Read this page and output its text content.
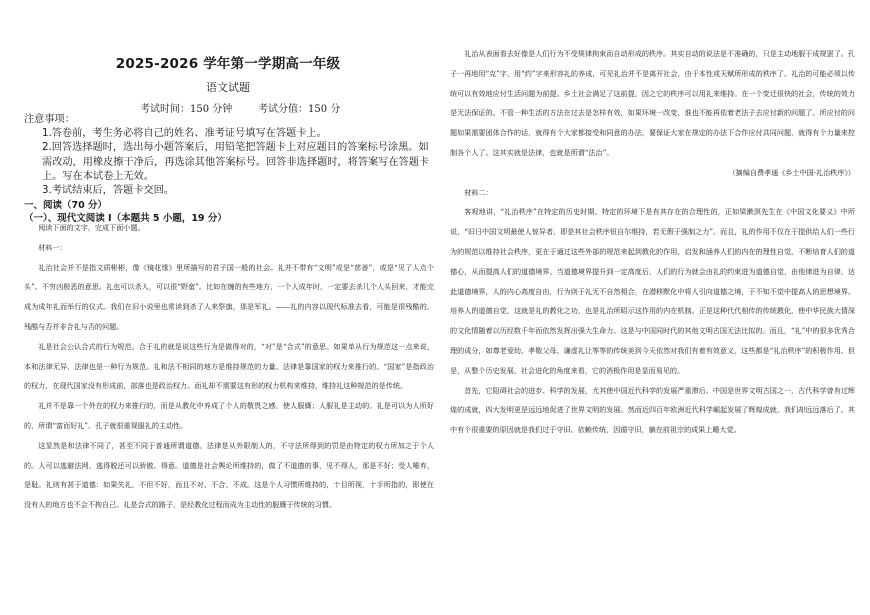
2025-2026 学年第一学期高一年级
语文试题
考试时间：150 分钟	考试分值：150 分

注意事项：

1.答卷前，考生务必将自己的姓名、准考证号填写在答题卡上。

2.回答选择题时，选出每小题答案后，用铅笔把答题卡上对应题目的答案标号涂黑。如需改动，用橡皮擦干净后，再选涂其他答案标号。回答非选择题时，将答案写在答题卡上。写在本试卷上无效。

3.考试结束后，答题卡交回。

一、阅读（70 分）
（一）、现代文阅读 I（本题共 5 小题，19 分）

阅读下面的文字，完成下面小题。

材料一：

礼治社会并不是指文质彬彬，像《镜花缘》里所描写的君子国一般的社会。礼并不带有“文明”或是“慈善”，或是“见了人点个头”、不穷凶极恶的意思。礼也可以杀人，可以很“野蛮”。比如在缠的有些地方，一个人成年时，一定要去杀几个人头回来，才能完成为成年礼而举行的仪式。我们在旧小说里也常读到杀了人来祭旗，那是军礼。——礼的内容以现代标准去看，可能是很残酷的。残酷与否并非合礼与否的问题。

礼是社会公认合式的行为规范。合于礼的就是说这些行为是做得对的，“对”是“合式”的意思。如果单从行为规范这一点来说，本和法律无异，法律也是一种行为规范。礼和法不相同的地方是维持规范的力量。法律是靠国家的权力来推行的。“国家”是指政治的权力，在现代国家没有形成前，部落也是政治权力。而礼却不需要这有形的权力机构来维持，维持礼这种规范的是传统。

礼并不是靠一个外在的权力来推行的，而是从教化中养成了个人的敬畏之感，使人服膺；人服礼是主动的。礼是可以为人所好的，所谓“富而好礼”。孔子就很重视服礼的主动性。

这显然是和法律不同了，甚至不同于普通所谓道德。法律是从外限制人的，不守法所得到的罚是由特定的权力所加之于个人的。人可以逃避法网，逃得脱还可以骄傲、得意。道德是社会舆论所维持的，做了不道德的事，见不得人，那是不好；受人唾弃，是耻。礼则有甚于道德：如果失礼，不但不好，而且不对、不合、不成。这是个人习惯所维持的，十目所视，十手所指的，即使在没有人的地方也不会不拘自己。礼是合式的路子，是经教化过程而成为主动性的服膺于传统的习惯。

礼治从表面看去好像是人们行为不受规律拘束而自动形成的秩序。其实自动的说法是不准确的，只是主动地服于成规罢了。孔子一再地用“克”字，用“约”字来形容礼的养成，可见礼治并不是离开社会，由于本性或天赋所形成的秩序了。礼治的可能必须以传统可以有效地应付生活问题为前提。乡土社会满足了这前提，因之它的秩序可以用礼来维持。在一个变迁很快的社会，传统的效力是无法保证的。不管一种生活的方法在过去是怎样有效，如果环境一改变，谁也不能再依着老法子去应付新的问题了。所应付的问题如果需要团体合作的话，就得有个大家都接受和同意的办法，要保证大家在规定的办法下合作应付共同问题，就得有个力量来控制各个人了。这其实就是法律，也就是所谓“法治”。

（摘编自费孝通《乡土中国·礼治秩序》）

材料二：

客观地讲，“礼治秩序”在特定的历史时期、特定的环境下是有其存在的合理性的，正如梁漱溟先生在《中国文化要义》中所说，“旧日中国文明最使人惊异者，即是其社会秩序恒自尔维持，若无假于强制之力”。而且，礼的作用不仅在于提供给人们一些行为的规范以维持社会秩序，更在于通过这些外部的规范来起到教化的作用，启发和涵养人们的内在的理性自觉，不断培育人们的道德心，从而提高人们的道德境界。当道德境界提升到一定高度后，人们的行为就会由礼的约束进为道德自觉，由他律进为自律，达此道德境界，人的内心高度自由，行为则于礼无不自然相合，在潜移默化中将人引向道德之境，于不知不觉中提高人的思想境界。培养人的道德自觉，这就是礼的教化之功，也是礼治所昭示这作用的内在机制。正是这种代代相传的传统教化，使中华民族大情深的文化情随着以历经数千年而依然发挥出强大生命力。这是与中国同时代的其他文明古国无法比拟的。而且，“礼”中的很多优秀合理的成分，如尊老爱幼、孝敬父母、谦虚礼让等等的传统美到今天依然对我们有着有效意义，这些都是“礼治秩序”的积极作用。但是，从整个历史发展、社会进化的角度来看，它的消极作用是显而易见的。

首先，它阻碍社会的进步、科学的发展，尤其使中国近代科学的发展严重滞后。中国是世界文明古国之一，古代科学曾有过辉煌的成就，四大发明更是远远地促进了世界文明的发展。然而近四百年欧洲近代科学崛起发展了辉煌成就，我们却远远落后了。其中有个很重要的原因就是我们过于守旧、依赖传统，因循守旧，躺在前祖宗的成果上睡大觉。
